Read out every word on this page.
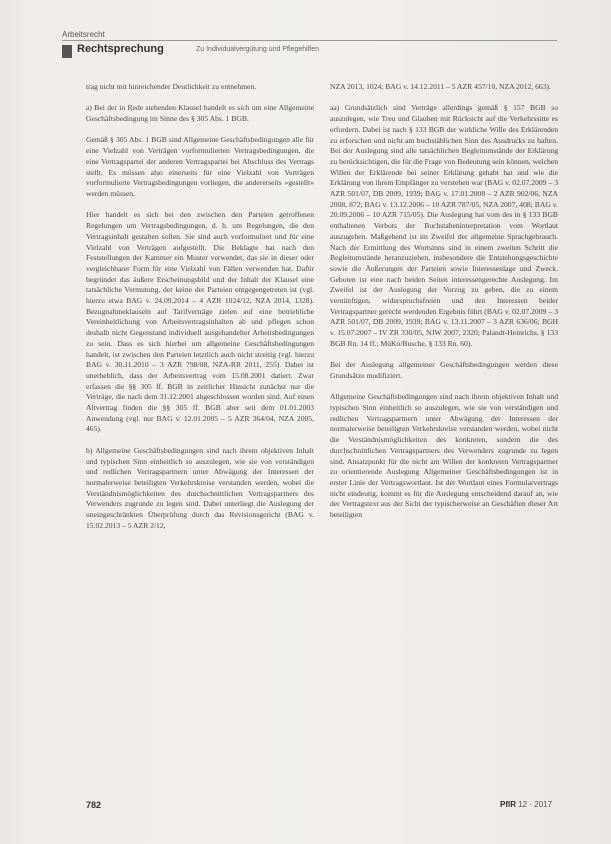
Arbeitsrecht
Rechtsprechung	Zu Individualvergütung und Pflegehilfen

trag nicht mit hinreichender Deutlichkeit zu entnehmen.

a) Bei der in Rede stehenden Klausel handelt es sich um eine Allgemeine Geschäftsbedingung im Sinne des § 305 Abs. 1 BGB.

Gemäß § 305 Abs. 1 BGB sind Allgemeine Geschäftsbedingungen alle für eine Vielzahl von Verträgen vorformulierten Vertragsbedingungen, die eine Vertragspartei der anderen Vertragspartei bei Abschluss des Vertrags stellt. Es müssen also einerseits für eine Vielzahl von Verträgen vorformulierte Vertragsbedingungen vorliegen, die andererseits »gestellt« werden müssen.

Hier handelt es sich bei den zwischen den Parteien getroffenen Regelungen um Vertragsbedingungen, d. h. um Regelungen, die den Vertragsinhalt gestalten sollen. Sie sind auch vorformuliert und für eine Vielzahl von Verträgen aufgestellt. Die Beklagte hat nach den Feststellungen der Kammer ein Muster verwendet, das sie in dieser oder vergleichbarer Form für eine Vielzahl von Fällen verwenden hat. Dafür begründet das äußere Erscheinungsbild und der Inhalt der Klausel eine tatsächliche Vermutung, der keine der Parteien entgegengetreten ist (vgl. hierzu etwa BAG v. 24.09.2014 – 4 AZR 1024/12, NZA 2014, 1328). Bezugnahmeklauseln auf Tarifverträge zielen auf eine betriebliche Vereinheitlichung von Arbeitsvertragsinhalten ab und pflegen schon deshalb nicht Gegenstand individuell ausgehandelter Arbeitsbedingungen zu sein. Dass es sich hierbei um allgemeine Geschäftsbedingungen handelt, ist zwischen den Parteien letztlich auch nicht streitig (vgl. hierzu BAG v. 30.11.2010 – 3 AZR 798/08, NZA-RR 2011, 255). Dabei ist unerheblich, dass der Arbeitsvertrag vom 15.08.2001 datiert. Zwar erfassen die §§ 305 ff. BGB in zeitlicher Hinsicht zunächst nur die Verträge, die nach dem 31.12.2001 abgeschlossen worden sind. Auf einen Altvertrag finden die §§ 305 ff. BGB aber seit dem 01.01.2003 Anwendung (vgl. nur BAG v. 12.01.2005 – 5 AZR 364/04, NZA 2005, 465).

b) Allgemeine Geschäftsbedingungen sind nach ihrem objektiven Inhalt und typischen Sinn einheitlich so auszulegen, wie sie von verständigen und redlichen Vertragspartnern unter Abwägung der Interessen der normalerweise beteiligten Verkehrskreise verstanden werden, wobei die Verständnismöglichkeiten des durchschnittlichen Vertragspartners des Verwenders zugrunde zu legen sind. Dabei unterliegt die Auslegung der uneingeschränkten Überprüfung durch das Revisionsgericht (BAG v. 15.02.2013 – 5 AZR 2/12,

NZA 2013, 1024; BAG v. 14.12.2011 – 5 AZR 457/10, NZA 2012, 663).

aa) Grundsätzlich sind Verträge allerdings gemäß § 157 BGB so auszulegen, wie Treu und Glauben mit Rücksicht auf die Verkehrssitte es erfordern. Dabei ist nach § 133 BGB der wirkliche Wille des Erklärenden zu erforschen und nicht am buchstäblichen Sinn des Ausdrucks zu haften. Bei der Auslegung sind alle tatsächlichen Begleitumstände der Erklärung zu berücksichtigen, die für die Frage von Bedeutung sein können, welchen Willen der Erklärende bei seiner Erklärung gehabt hat und wie die Erklärung von ihrem Empfänger zu verstehen war (BAG v. 02.07.2009 – 3 AZR 501/07, DB 2009, 1939; BAG v. 17.01.2008 – 2 AZR 902/06, NZA 2008, 872; BAG v. 13.12.2006 – 10 AZR 787/05, NZA 2007, 408; BAG v. 20.09.2006 – 10 AZR 715/05). Die Auslegung hat vom des in § 133 BGB enthaltenen Verbots der Buchstabeninterpretation vom Wortlaut auszugehen. Maßgebend ist im Zweifel der allgemeine Sprachgebrauch. Nach der Ermittlung des Wortsinns sind in einem zweiten Schritt die Begleitumstände heranzuziehen, insbesondere die Entstehungsgeschichte sowie die Äußerungen der Parteien sowie Interessenlage und Zweck. Geboten ist eine nach beiden Seiten interessengerechte Auslegung. Im Zweifel ist der Auslegung der Vorzug zu geben, die zu einem vernünftigen, widerspruchsfreien und den Interessen beider Vertragspartner gerecht werdenden Ergebnis führt (BAG v. 02.07.2009 – 3 AZR 501/07, DB 2009, 1939; BAG v. 13.11.2007 – 3 AZR 636/06; BGH v. 15.07.2007 – IV ZR 330/05, NJW 2007, 2320; Palandt-Heinrichs, § 133 BGB Rn. 14 ff.; MüKo/Busche, § 133 Rn. 60).

Bei der Auslegung allgemeiner Geschäftsbedingungen werden diese Grundsätze modifiziert.

Allgemeine Geschäftsbedingungen sind nach ihrem objektiven Inhalt und typischen Sinn einheitlich so auszulegen, wie sie von verständigen und redlichen Vertragspartnern unter Abwägung der Interessen der normalerweise beteiligten Verkehrskreise verstanden werden, wobei nicht die Verständnismöglichkeiten des konkreten, sondern die des durchschnittlichen Vertragspartners des Verwenders zugrunde zu legen sind. Ansatzpunkt für die nicht am Willen der konkreten Vertragspartner zu orientierende Auslegung Allgemeiner Geschäftsbedingungen ist in erster Linie der Vertragswortlaut. Ist der Wortlaut eines Formularvertrags nicht eindeutig, kommt es für die Auslegung entscheidend darauf an, wie der Vertragstext aus der Sicht der typischerweise an Geschäften dieser Art beteiligten

782	PflR 12 · 2017
